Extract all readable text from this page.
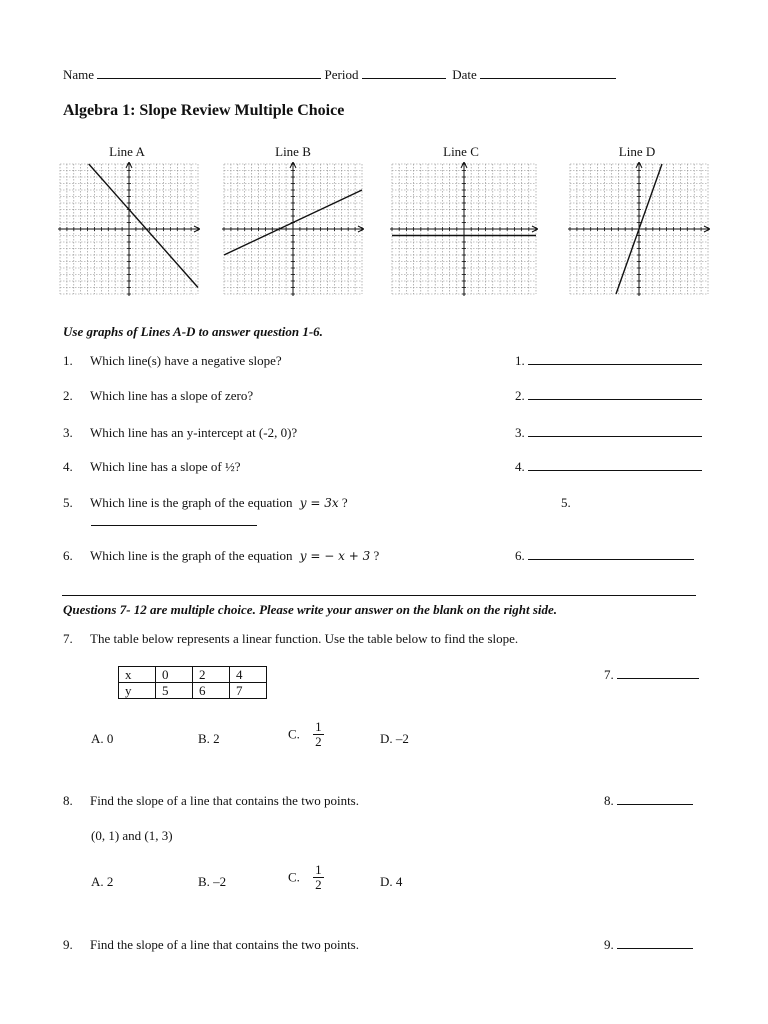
Name	Period	Date
Algebra 1: Slope Review Multiple Choice
Line A	Line B	Line C	Line D
Use graphs of Lines A-D to answer question 1-6.
1. Which line(s) have a negative slope?	1.
2. Which line has a slope of zero?	2.
3. Which line has an y-intercept at (-2, 0)?	3.
4. Which line has a slope of ½?	4.
5. Which line is the graph of the equation y = 3x ?	5.
6. Which line is the graph of the equation y = − x + 3 ?	6.
Questions 7- 12 are multiple choice. Please write your answer on the blank on the right side.
7. The table below represents a linear function. Use the table below to find the slope.
x	0	2	4
y	5	6	7
7.
A. 0	B. 2	C. $\frac{1}{2}$	D. –2
8. Find the slope of a line that contains the two points.	8.
(0, 1) and (1, 3)
A. 2	B. –2	C. $\frac{1}{2}$	D. 4
9. Find the slope of a line that contains the two points.	9.
